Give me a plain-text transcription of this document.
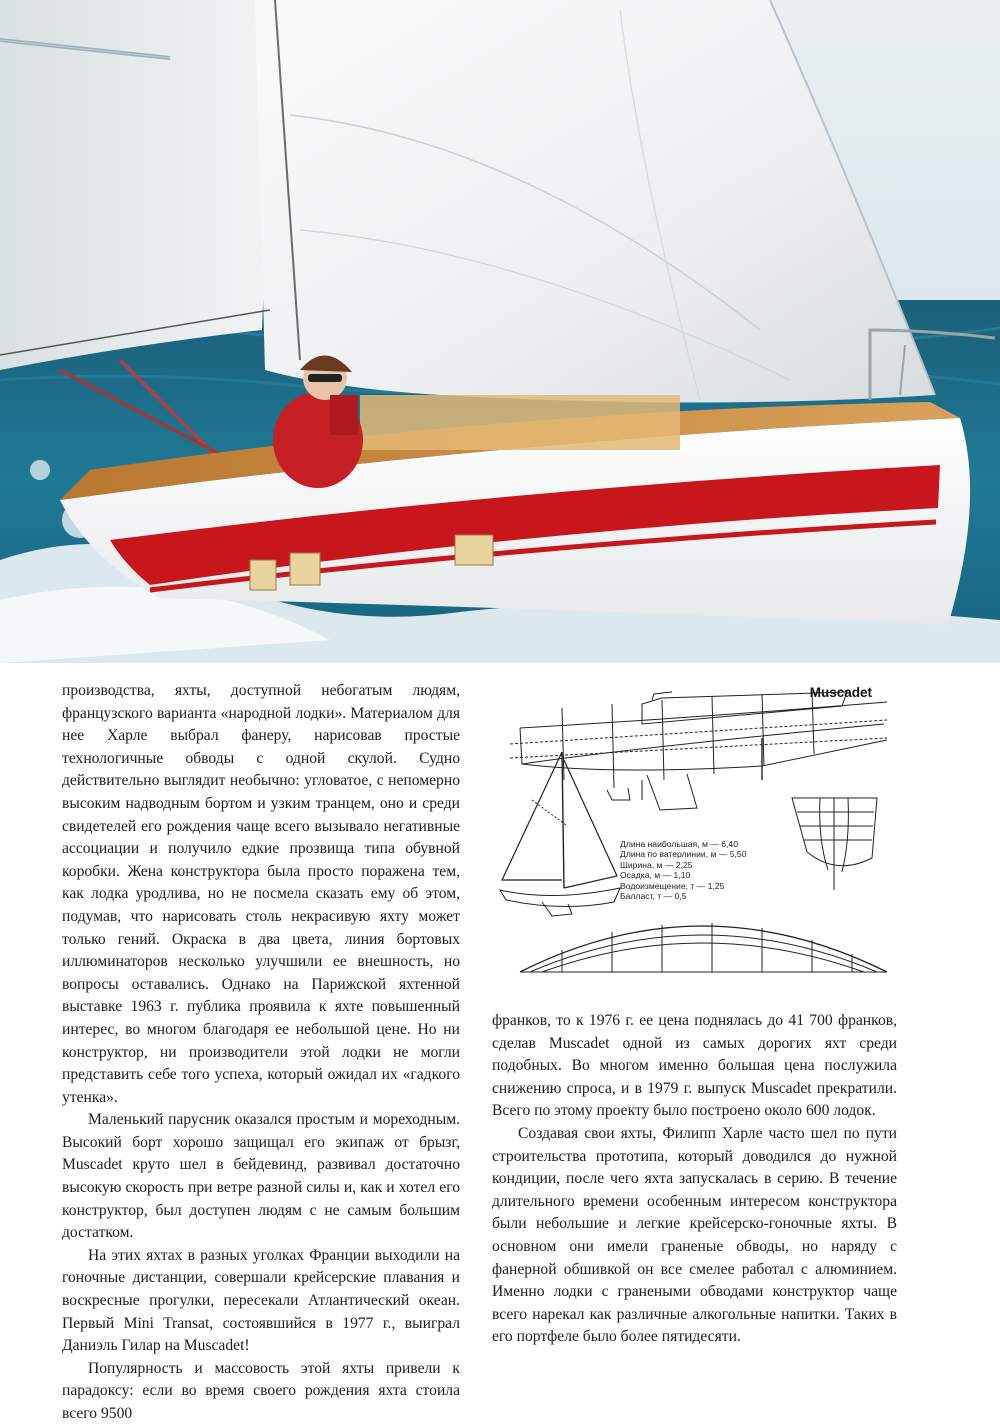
производства, яхты, доступной небогатым людям, французского варианта «народной лодки». Материалом для нее Харле выбрал фанеру, нарисовав простые технологичные обводы с одной скулой. Судно действительно выглядит необычно: угловатое, с непомерно высоким надводным бортом и узким транцем, оно и среди свидетелей его рождения чаще всего вызывало негативные ассоциации и получило едкие прозвища типа обувной коробки. Жена конструктора была просто поражена тем, как лодка уродлива, но не посмела сказать ему об этом, подумав, что нарисовать столь некрасивую яхту может только гений. Окраска в два цвета, линия бортовых иллюминаторов несколько улучшили ее внешность, но вопросы оставались. Однако на Парижской яхтенной выставке 1963 г. публика проявила к яхте повышенный интерес, во многом благодаря ее небольшой цене. Но ни конструктор, ни производители этой лодки не могли представить себе того успеха, который ожидал их «гадкого утенка».

Маленький парусник оказался простым и мореходным. Высокий борт хорошо защищал его экипаж от брызг, Muscadet круто шел в бейдевинд, развивал достаточно высокую скорость при ветре разной силы и, как и хотел его конструктор, был доступен людям с не самым большим достатком.

На этих яхтах в разных уголках Франции выходили на гоночные дистанции, совершали крейсерские плавания и воскресные прогулки, пересекали Атлантический океан. Первый Mini Transat, состоявшийся в 1977 г., выиграл Даниэль Гилар на Muscadet!

Популярность и массовость этой яхты привели к парадоксу: если во время своего рождения яхта стоила всего 9500

Muscadet
Длина наибольшая, м — 6,40
Длина по ватерлинии, м — 5,50
Ширина, м — 2,25
Осадка, м — 1,10
Водоизмещение, т — 1,25
Балласт, т — 0,5

франков, то к 1976 г. ее цена поднялась до 41 700 франков, сделав Muscadet одной из самых дорогих яхт среди подобных. Во многом именно большая цена послужила снижению спроса, и в 1979 г. выпуск Muscadet прекратили. Всего по этому проекту было построено около 600 лодок.

Создавая свои яхты, Филипп Харле часто шел по пути строительства прототипа, который доводился до нужной кондиции, после чего яхта запускалась в серию. В течение длительного времени особенным интересом конструктора были небольшие и легкие крейсерско-гоночные яхты. В основном они имели граненые обводы, но наряду с фанерной обшивкой он все смелее работал с алюминием. Именно лодки с гранеными обводами конструктор чаще всего нарекал как различные алкогольные напитки. Таких в его портфеле было более пятидесяти.
